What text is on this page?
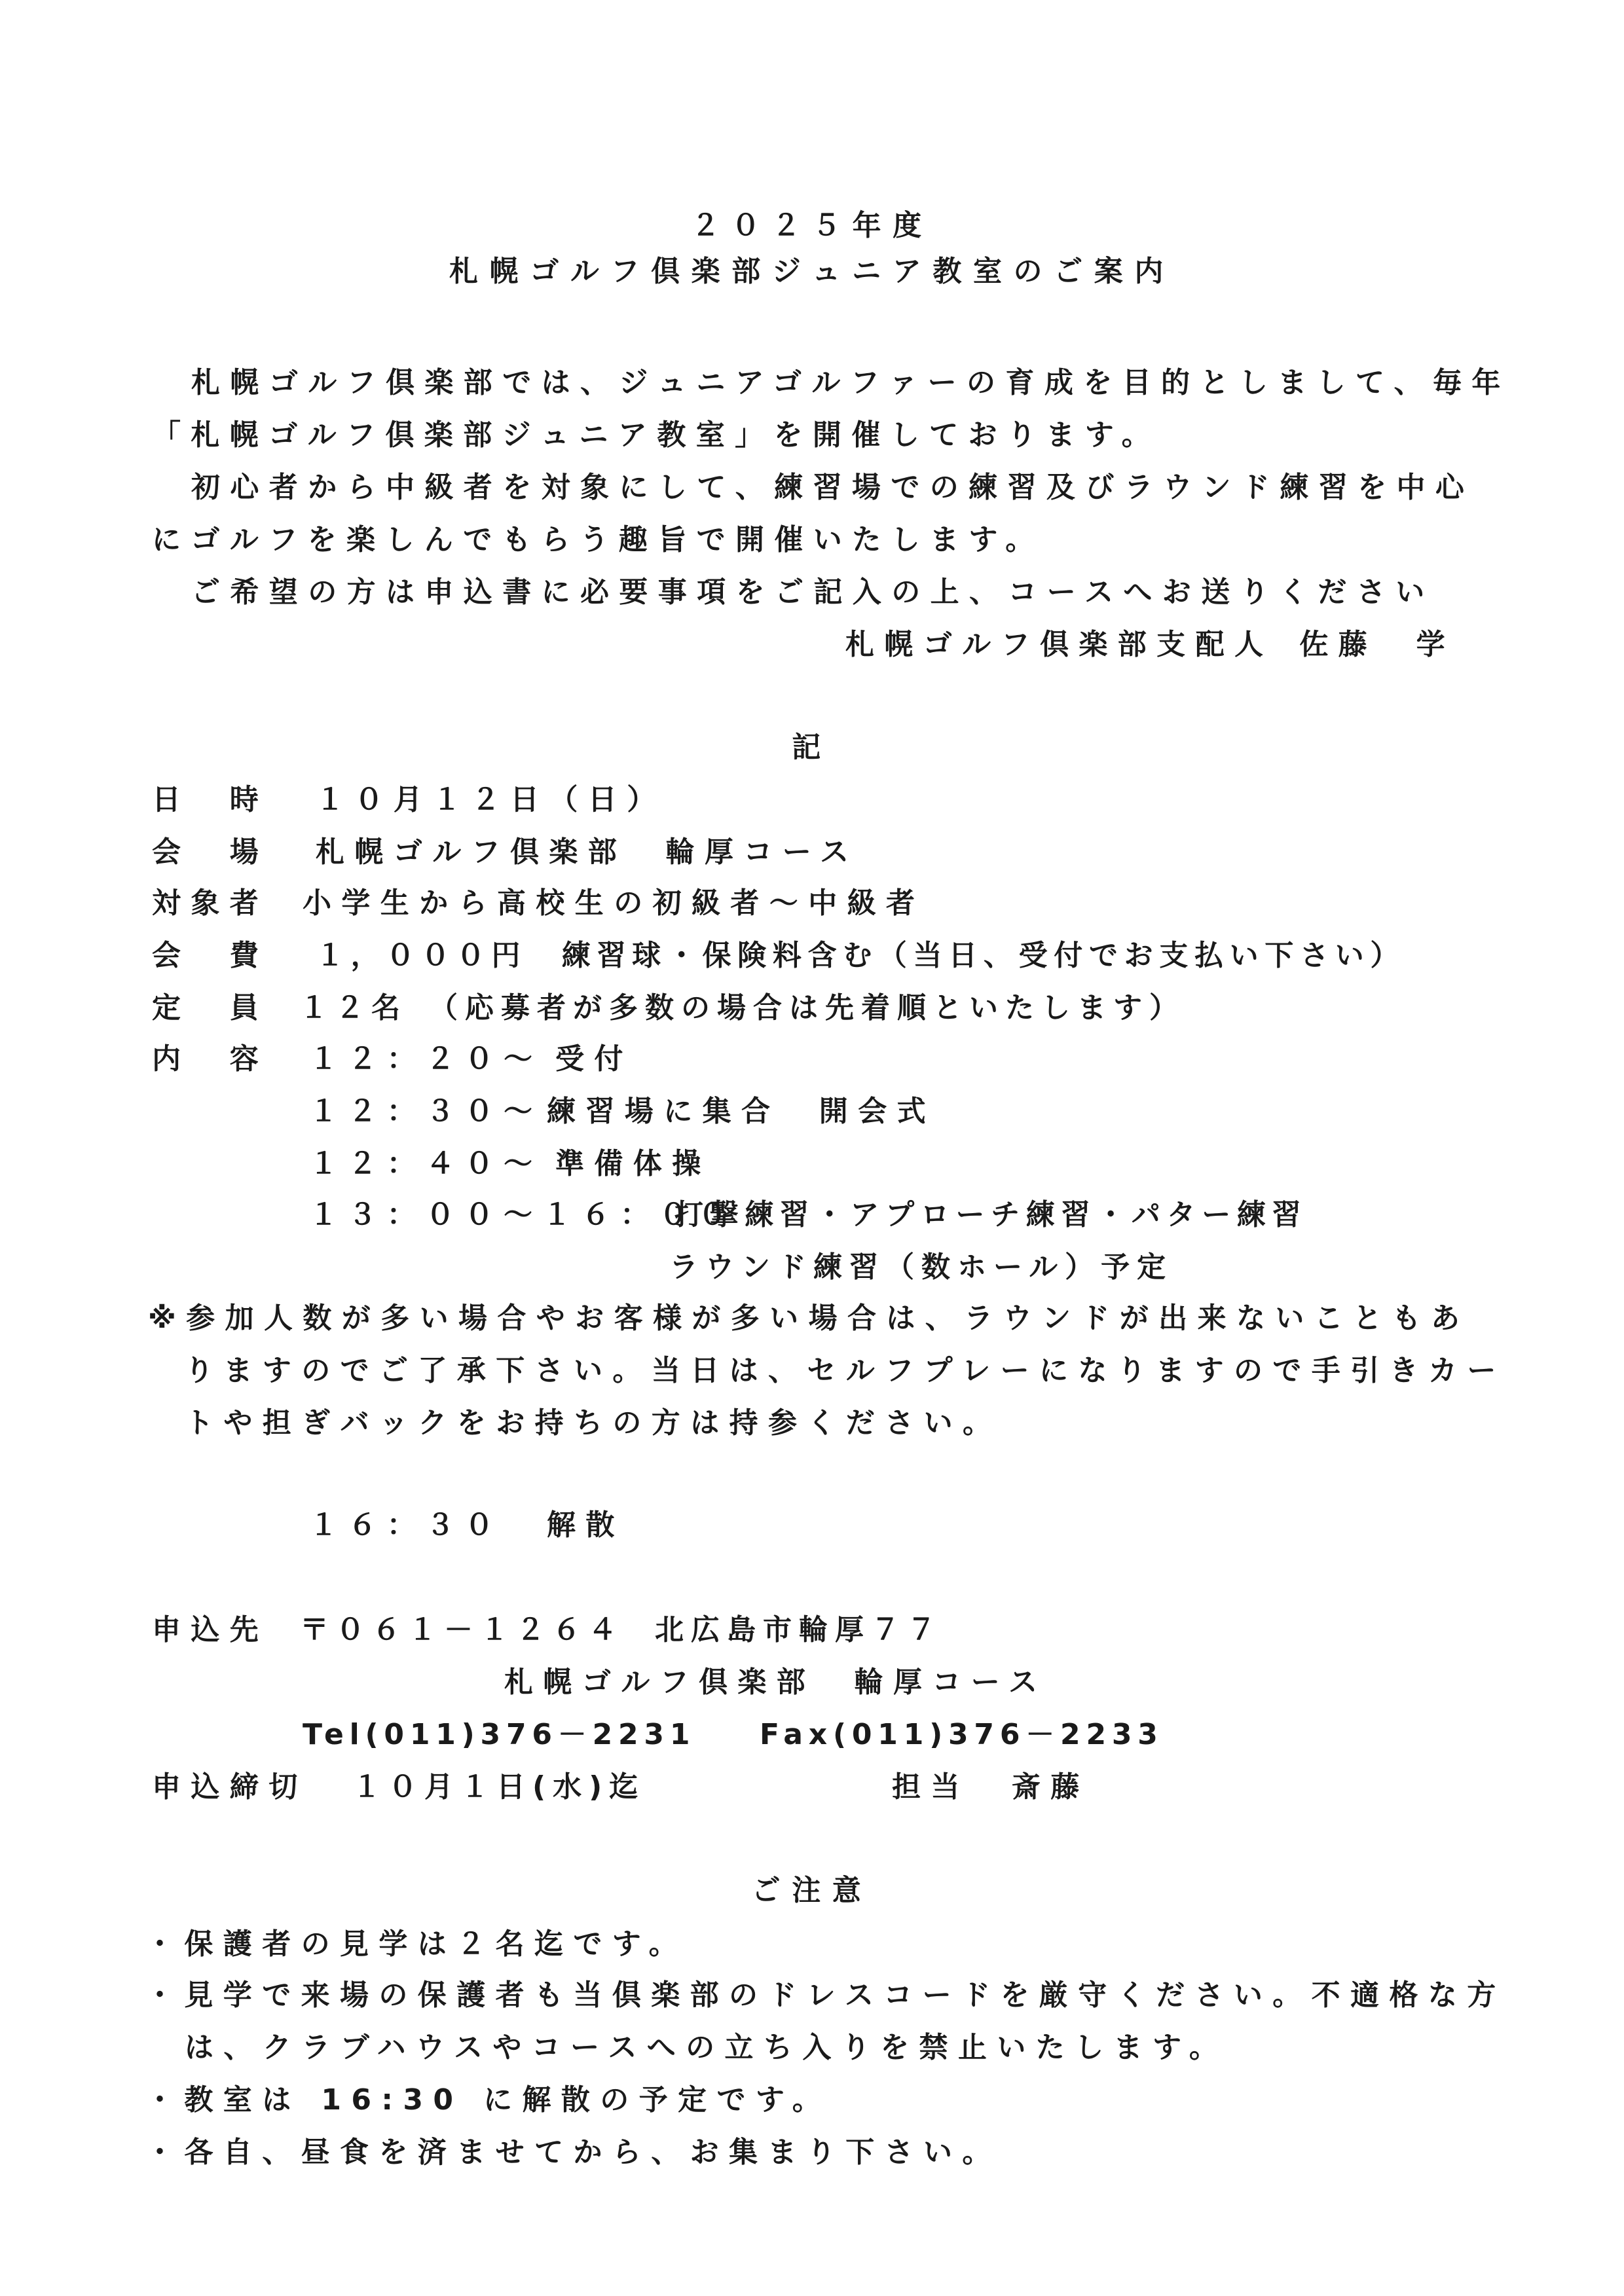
２０２５年度
札幌ゴルフ倶楽部ジュニア教室のご案内
札幌ゴルフ倶楽部では、ジュニアゴルファーの育成を目的としまして、毎年
「札幌ゴルフ倶楽部ジュニア教室」を開催しております。
初心者から中級者を対象にして、練習場での練習及びラウンド練習を中心
にゴルフを楽しんでもらう趣旨で開催いたします。
ご希望の方は申込書に必要事項をご記入の上、コースへお送りください
札幌ゴルフ倶楽部支配人 佐藤　学
記
日　時 １０月１２日（日）
会　場 札幌ゴルフ倶楽部　輪厚コース
対象者 小学生から高校生の初級者～中級者
会　費 １，０００円　練習球・保険料含む（当日、受付でお支払い下さい）
定　員 １２名　（応募者が多数の場合は先着順といたします）
内　容 １２：２０～ 受付
１２：３０～ 練習場に集合　開会式
１２：４０～ 準備体操
１３：００～１６：００
打撃練習・アプローチ練習・パター練習
ラウンド練習（数ホール）予定
※参加人数が多い場合やお客様が多い場合は、ラウンドが出来ないこともあ
りますのでご了承下さい。当日は、セルフプレーになりますので手引きカー
トや担ぎバックをお持ちの方は持参ください。
１６：３０ 解散
申込先 〒０６１－１２６４ 北広島市輪厚７７
札幌ゴルフ倶楽部　輪厚コース
Tel(011)376－2231 Fax(011)376－2233
申込締切 １０月１日(水)迄	担当 斎藤
ご注意
・保護者の見学は２名迄です。
・見学で来場の保護者も当倶楽部のドレスコードを厳守ください。不適格な方
は、クラブハウスやコースへの立ち入りを禁止いたします。
・教室は 16:30 に解散の予定です。
・各自、昼食を済ませてから、お集まり下さい。
